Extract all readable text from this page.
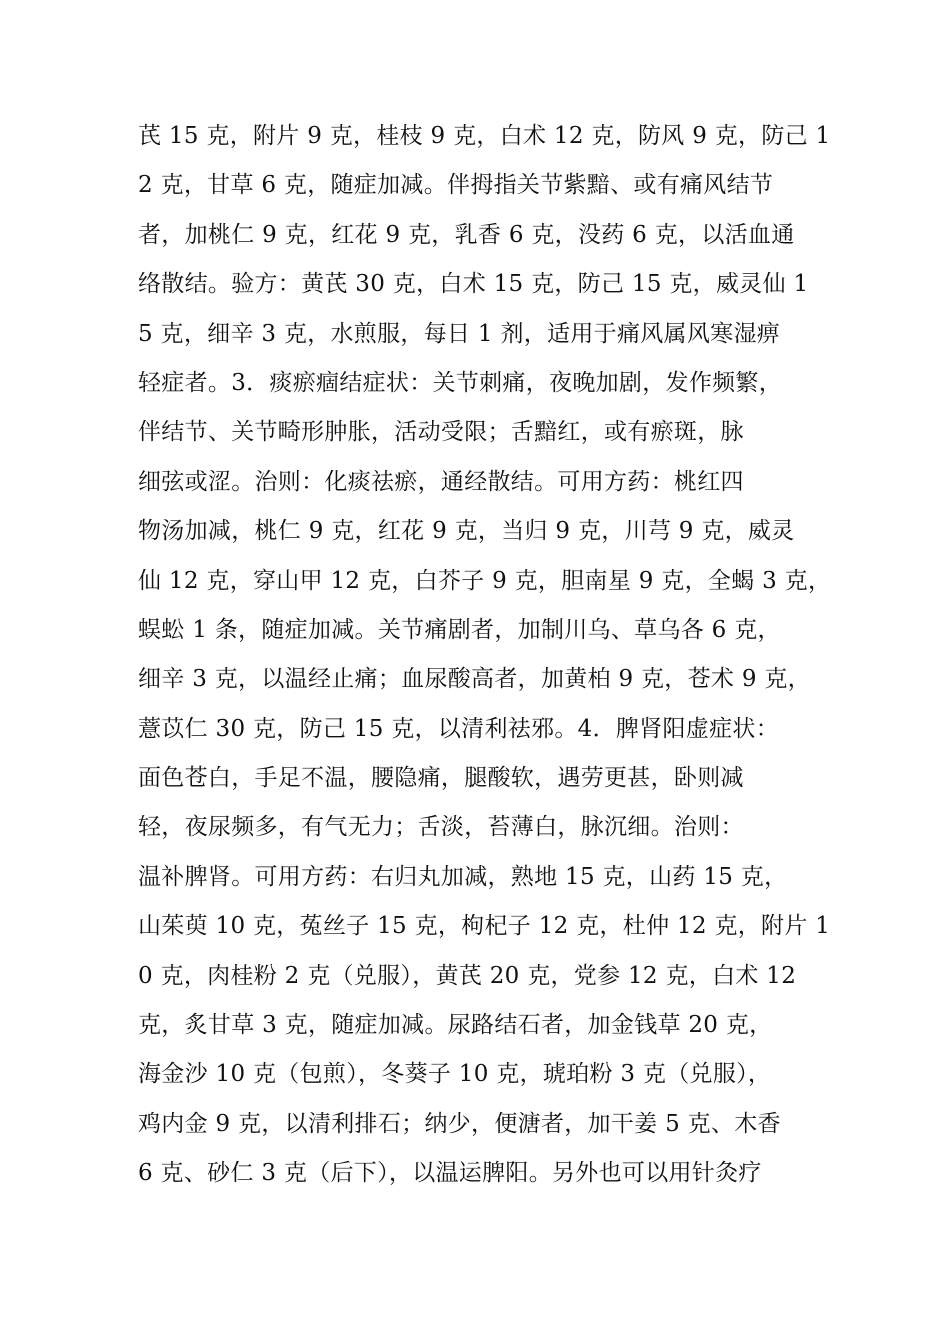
芪 15 克，附片 9 克，桂枝 9 克，白术 12 克，防风 9 克，防己 1
2 克，甘草 6 克，随症加减。伴拇指关节紫黯、或有痛风结节
者，加桃仁 9 克，红花 9 克，乳香 6 克，没药 6 克，以活血通
络散结。验方：黄芪 30 克，白术 15 克，防己 15 克，威灵仙 1
5 克，细辛 3 克，水煎服，每日 1 剂，适用于痛风属风寒湿痹
轻症者。3．痰瘀痼结症状：关节刺痛，夜晚加剧，发作频繁，
伴结节、关节畸形肿胀，活动受限；舌黯红，或有瘀斑，脉
细弦或涩。治则：化痰祛瘀，通经散结。可用方药：桃红四
物汤加减，桃仁 9 克，红花 9 克，当归 9 克，川芎 9 克，威灵
仙 12 克，穿山甲 12 克，白芥子 9 克，胆南星 9 克，全蝎 3 克，
蜈蚣 1 条，随症加减。关节痛剧者，加制川乌、草乌各 6 克，
细辛 3 克，以温经止痛；血尿酸高者，加黄柏 9 克，苍术 9 克，
薏苡仁 30 克，防己 15 克，以清利祛邪。4．脾肾阳虚症状：
面色苍白，手足不温，腰隐痛，腿酸软，遇劳更甚，卧则减
轻，夜尿频多，有气无力；舌淡，苔薄白，脉沉细。治则：
温补脾肾。可用方药：右归丸加减，熟地 15 克，山药 15 克，
山茱萸 10 克，菟丝子 15 克，枸杞子 12 克，杜仲 12 克，附片 1
0 克，肉桂粉 2 克（兑服），黄芪 20 克，党参 12 克，白术 12
克，炙甘草 3 克，随症加减。尿路结石者，加金钱草 20 克，
海金沙 10 克（包煎），冬葵子 10 克，琥珀粉 3 克（兑服），
鸡内金 9 克，以清利排石；纳少，便溏者，加干姜 5 克、木香
6 克、砂仁 3 克（后下），以温运脾阳。另外也可以用针灸疗
